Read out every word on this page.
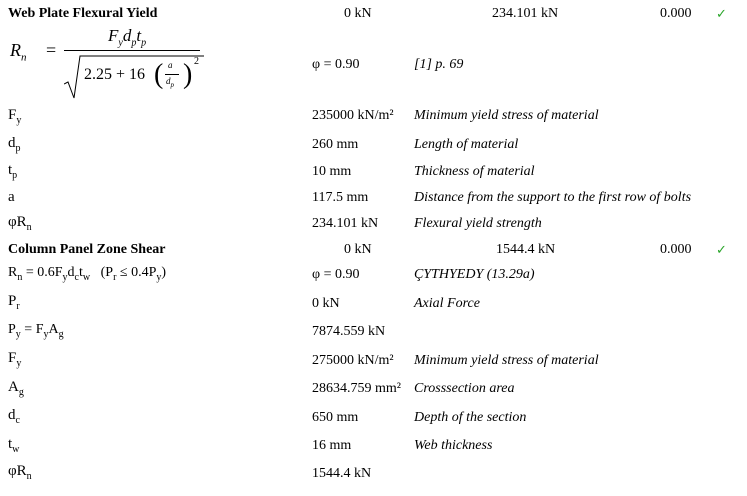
Web Plate Flexural Yield	0 kN	234.101 kN	0.000 ✓
$R_n$ =
$F_yd_pt_p$
2.25 + 16 ( a
$d_p$ ) 2	φ = 0.90	[1] p. 69
$F_y$	235000 kN/m² Minimum yield stress of material
$d_p$	260 mm	Length of material
$t_p$	10 mm	Thickness of material
a	117.5 mm	Distance from the support to the first row of bolts
$\varphi R_n$	234.101 kN	Flexural yield strength
Column Panel Zone Shear	0 kN	1544.4 kN	0.000 ✓
$R_n = 0.6F_yd_ct_w$   $(P_r \le 0.4P_y)$	φ = 0.90	ÇYTHYEDY (13.29a)
$P_r$	0 kN	Axial Force
$P_y = F_yA_g$	7874.559 kN
$F_y$	275000 kN/m² Minimum yield stress of material
$A_g$	28634.759 mm² Crosssection area
$d_c$	650 mm	Depth of the section
$t_w$	16 mm	Web thickness
$\varphi R_n$	1544.4 kN
